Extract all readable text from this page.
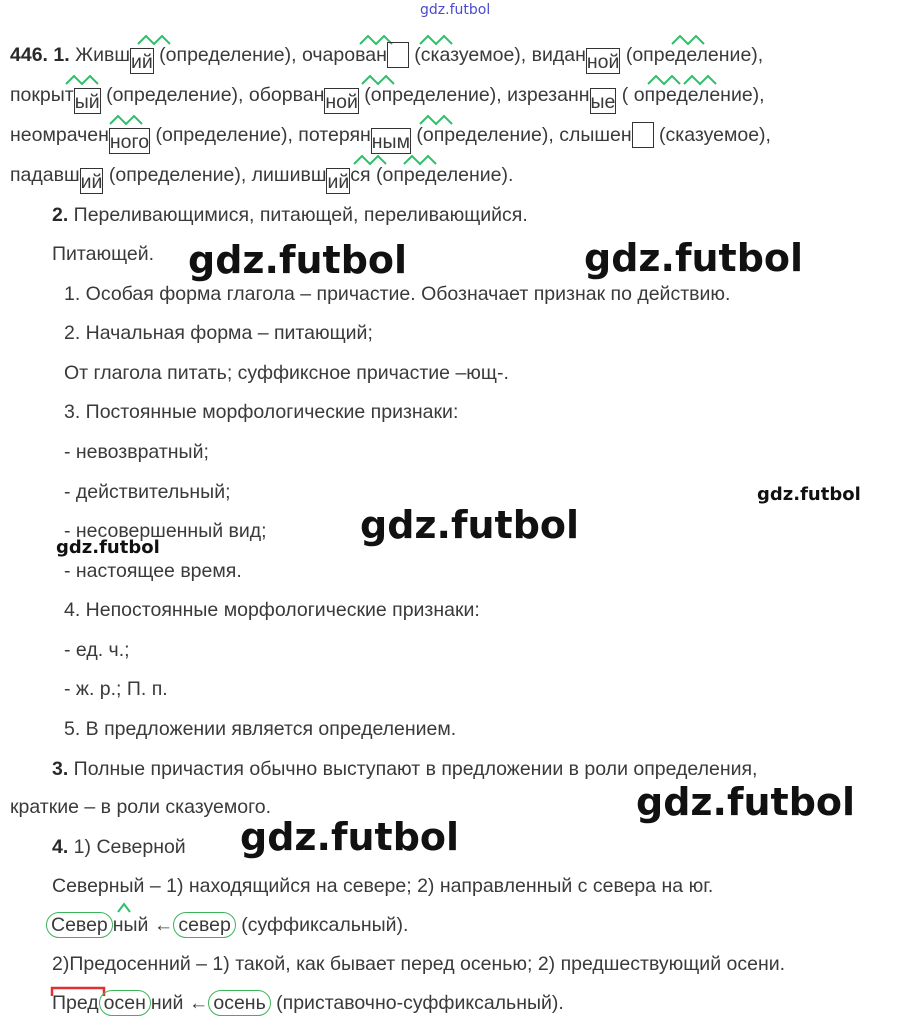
gdz.futbol
gdz.futbol	gdz.futbol
gdz.futbol
gdz.futbol
gdz.futbol
gdz.futbol
gdz.futbol
446. 1. Живший (определение), очарован (сказуемое), виданной (определение),
покрытый (определение), оборванной (определение), изрезанные ( определение),
неомраченного (определение), потерянным (определение), слышен (сказуемое),
падавший (определение), лишившийся (определение).
2. Переливающимися, питающей, переливающийся.
Питающей.
1. Особая форма глагола – причастие. Обозначает признак по действию.
2. Начальная форма – питающий;
От глагола питать; суффиксное причастие –ющ-.
3. Постоянные морфологические признаки:
- невозвратный;
- действительный;
- несовершенный вид;
- настоящее время.
4. Непостоянные морфологические признаки:
- ед. ч.;
- ж. р.; П. п.
5. В предложении является определением.
3. Полные причастия обычно выступают в предложении в роли определения,
краткие – в роли сказуемого.
4. 1) Северной
Северный – 1) находящийся на севере; 2) направленный с севера на юг.
Север ный ← север (суффиксальный).
2)Предосенний – 1) такой, как бывает перед осенью; 2) предшествующий осени.
Пред осен ний ← осень (приставочно-суффиксальный).
